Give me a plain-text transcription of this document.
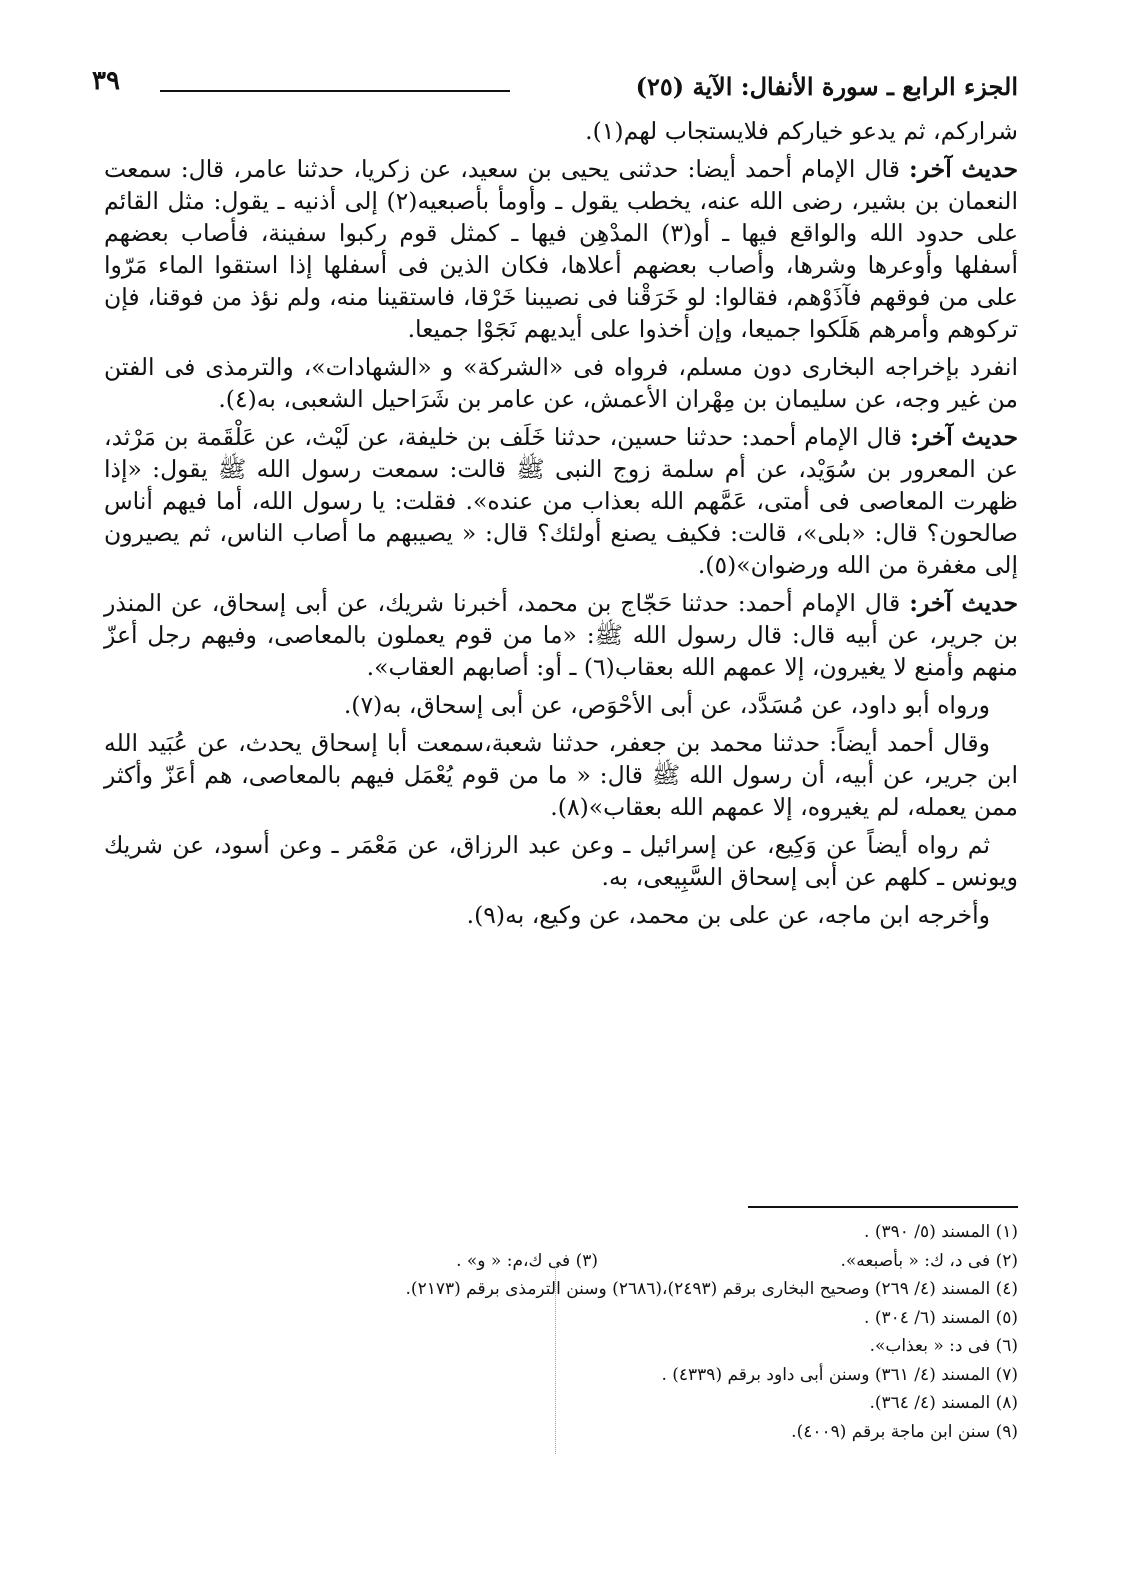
الجزء الرابع ـ سورة الأنفال: الآية (٢٥)
٣٩

شراركم، ثم يدعو خياركم فلايستجاب لهم(١).

حديث آخر: قال الإمام أحمد أيضا: حدثنى يحيى بن سعيد، عن زكريا، حدثنا عامر، قال: سمعت النعمان بن بشير، رضى الله عنه، يخطب يقول ـ وأومأ بأصبعيه(٢) إلى أذنيه ـ يقول: مثل القائم على حدود الله والواقع فيها ـ أو(٣) المدْهِن فيها ـ كمثل قوم ركبوا سفينة، فأصاب بعضهم أسفلها وأوعرها وشرها، وأصاب بعضهم أعلاها، فكان الذين فى أسفلها إذا استقوا الماء مَرّوا على من فوقهم فآذَوْهم، فقالوا: لو خَرَقْنا فى نصيبنا خَرْقا، فاستقينا منه، ولم نؤذ من فوقنا، فإن تركوهم وأمرهم هَلَكوا جميعا، وإن أخذوا على أيديهم نَجَوْا جميعا.

انفرد بإخراجه البخارى دون مسلم، فرواه فى «الشركة» و «الشهادات»، والترمذى فى الفتن من غير وجه، عن سليمان بن مِهْران الأعمش، عن عامر بن شَرَاحيل الشعبى، به(٤).

حديث آخر: قال الإمام أحمد: حدثنا حسين، حدثنا خَلَف بن خليفة، عن لَيْث، عن عَلْقَمة بن مَرْثد، عن المعرور بن سُوَيْد، عن أم سلمة زوج النبى ﷺ قالت: سمعت رسول الله ﷺ يقول: «إذا ظهرت المعاصى فى أمتى، عَمَّهم الله بعذاب من عنده». فقلت: يا رسول الله، أما فيهم أناس صالحون؟ قال: «بلى»، قالت: فكيف يصنع أولئك؟ قال: « يصيبهم ما أصاب الناس، ثم يصيرون إلى مغفرة من الله ورضوان»(٥).

حديث آخر: قال الإمام أحمد: حدثنا حَجّاج بن محمد، أخبرنا شريك، عن أبى إسحاق، عن المنذر بن جرير، عن أبيه قال: قال رسول الله ﷺ: «ما من قوم يعملون بالمعاصى، وفيهم رجل أعزّ منهم وأمنع لا يغيرون، إلا عمهم الله بعقاب(٦) ـ أو: أصابهم العقاب».

ورواه أبو داود، عن مُسَدَّد، عن أبى الأحْوَص، عن أبى إسحاق، به(٧).

وقال أحمد أيضاً: حدثنا محمد بن جعفر، حدثنا شعبة،سمعت أبا إسحاق يحدث، عن عُبَيد الله ابن جرير، عن أبيه، أن رسول الله ﷺ قال: « ما من قوم يُعْمَل فيهم بالمعاصى، هم أعَزّ وأكثر ممن يعمله، لم يغيروه، إلا عمهم الله بعقاب»(٨).

ثم رواه أيضاً عن وَكِيع، عن إسرائيل ـ وعن عبد الرزاق، عن مَعْمَر ـ وعن أسود، عن شريك ويونس ـ كلهم عن أبى إسحاق السَّبِيعى، به.

وأخرجه ابن ماجه، عن على بن محمد، عن وكيع، به(٩).

(١) المسند (٥/ ٣٩٠) .
(٢) فى د، ك: « بأصبعه».
(٣) فى ك،م: « و» .
(٤) المسند (٤/ ٢٦٩) وصحيح البخارى برقم (٢٤٩٣)،(٢٦٨٦) وسنن الترمذى برقم (٢١٧٣).
(٥) المسند (٦/ ٣٠٤) .
(٦) فى د: « بعذاب».
(٧) المسند (٤/ ٣٦١) وسنن أبى داود برقم (٤٣٣٩) .
(٨) المسند (٤/ ٣٦٤).
(٩) سنن ابن ماجة برقم (٤٠٠٩).
